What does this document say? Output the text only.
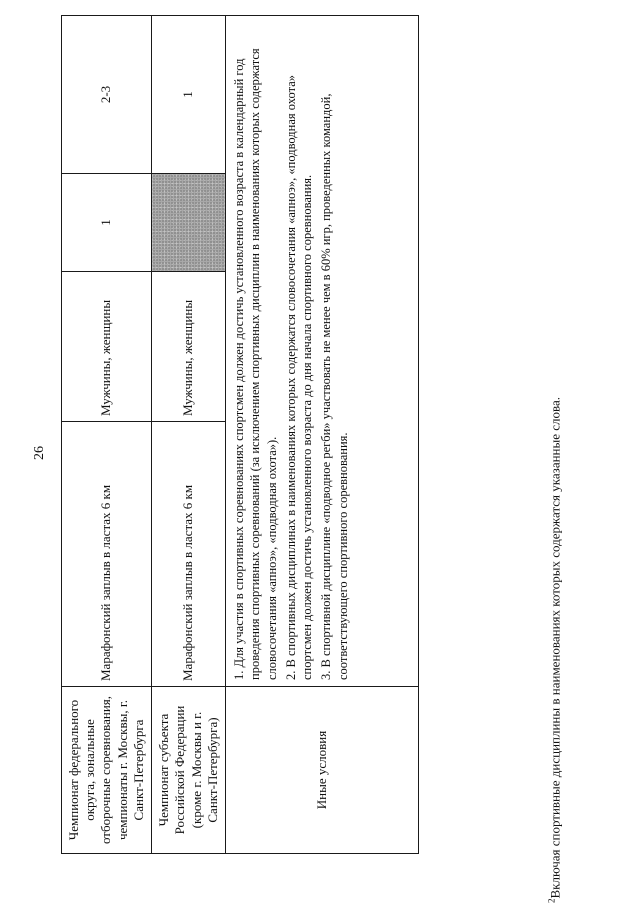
26
Чемпионат федерального округа, зональные отборочные соревнования, чемпионаты г. Москвы, г. Санкт-Петербурга	Марафонский заплыв в ластах 6 км	Мужчины, женщины	1	2-3
Чемпионат субъекта Российской Федерации (кроме г. Москвы и г. Санкт-Петербурга)	Марафонский заплыв в ластах 6 км	Мужчины, женщины		1
Иные условия	1. Для участия в спортивных соревнованиях спортсмен должен достичь установленного возраста в календарный год проведения спортивных соревнований (за исключением спортивных дисциплин в наименованиях которых содержатся словосочетания «апноэ», «подводная охота»). 2. В спортивных дисциплинах в наименованиях которых содержатся словосочетания «апноэ», «подводная охота» спортсмен должен достичь установленного возраста до дня начала спортивного соревнования. 3. В спортивной дисциплине «подводное регби» участвовать не менее чем в 60% игр, проведенных командой, соответствующего спортивного соревнования.			

$^2$Включая спортивные дисциплины в наименованиях которых содержатся указанные слова.
